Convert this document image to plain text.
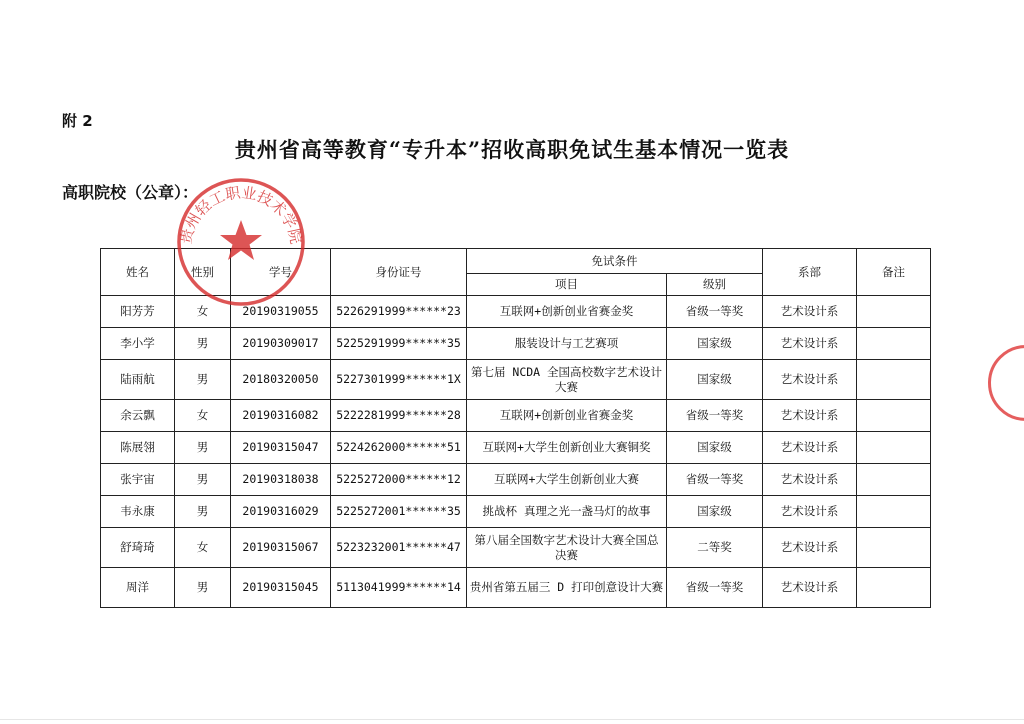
附 2
贵州省高等教育“专升本”招收高职免试生基本情况一览表
高职院校（公章）：
姓名	性别	学号	身份证号	免试条件		系部	备注
				项目	级别		
阳芳芳	女	20190319055	5226291999******23	互联网+创新创业省赛金奖	省级一等奖	艺术设计系	
李小学	男	20190309017	5225291999******35	服装设计与工艺赛项	国家级	艺术设计系	
陆雨航	男	20180320050	5227301999******1X	第七届 NCDA 全国高校数字艺术设计大赛	国家级	艺术设计系	
余云飘	女	20190316082	5222281999******28	互联网+创新创业省赛金奖	省级一等奖	艺术设计系	
陈展翎	男	20190315047	5224262000******51	互联网+大学生创新创业大赛铜奖	国家级	艺术设计系	
张宇宙	男	20190318038	5225272000******12	互联网+大学生创新创业大赛	省级一等奖	艺术设计系	
韦永康	男	20190316029	5225272001******35	挑战杯 真理之光一盏马灯的故事	国家级	艺术设计系	
舒琦琦	女	20190315067	5223232001******47	第八届全国数字艺术设计大赛全国总决赛	二等奖	艺术设计系	
周洋	男	20190315045	5113041999******14	贵州省第五届三 D 打印创意设计大赛	省级一等奖	艺术设计系	
贵州轻工职业技术学院
